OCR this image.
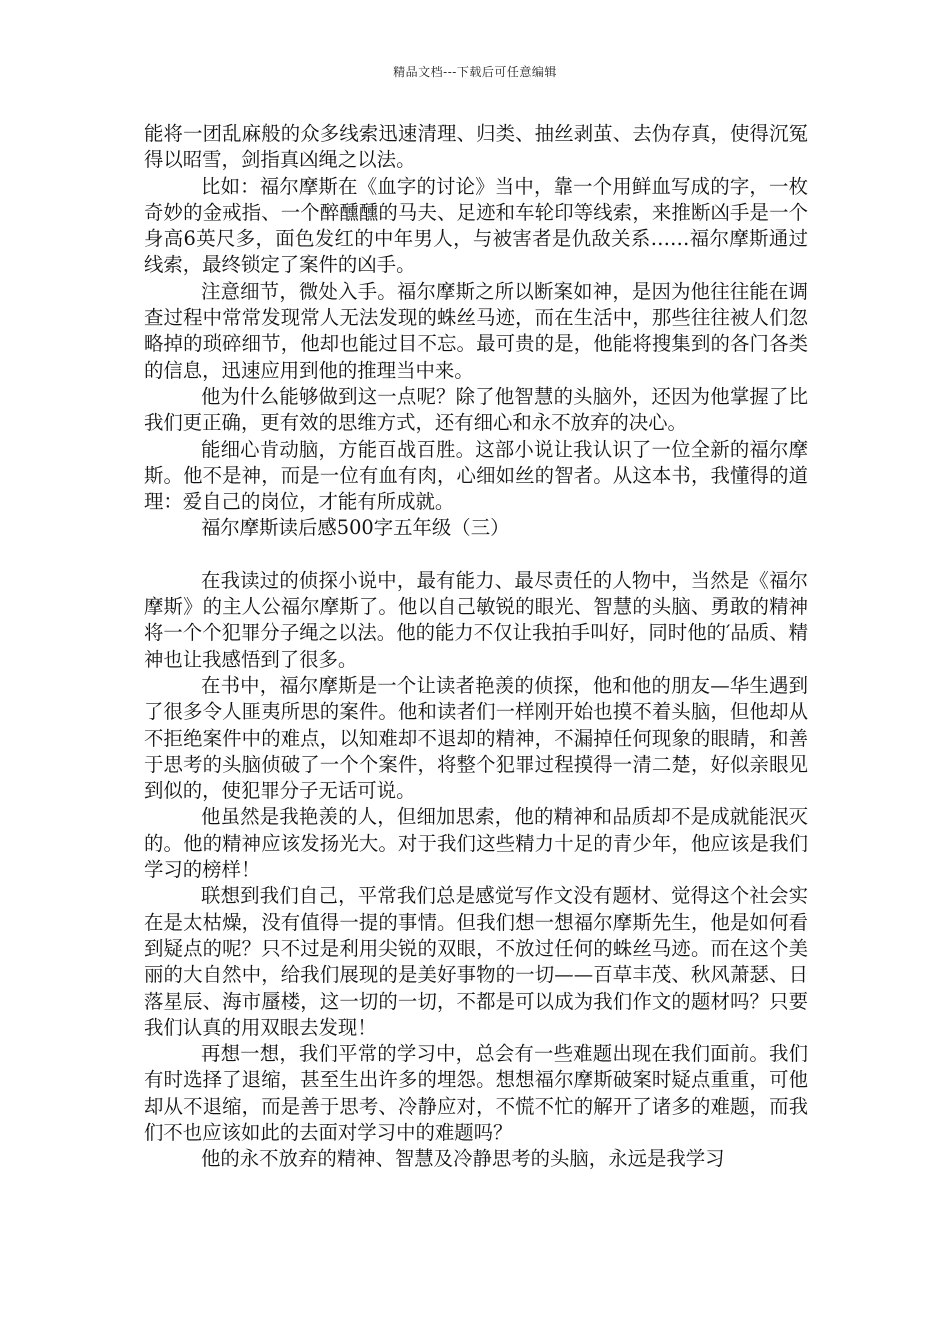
精品文档---下载后可任意编辑

能将一团乱麻般的众多线索迅速清理、归类、抽丝剥茧、去伪存真，使得沉冤得以昭雪，剑指真凶绳之以法。

比如：福尔摩斯在《血字的讨论》当中，靠一个用鲜血写成的字，一枚奇妙的金戒指、一个醉醺醺的马夫、足迹和车轮印等线索，来推断凶手是一个身高6英尺多，面色发红的中年男人，与被害者是仇敌关系……福尔摩斯通过线索，最终锁定了案件的凶手。

注意细节，微处入手。福尔摩斯之所以断案如神，是因为他往往能在调查过程中常常发现常人无法发现的蛛丝马迹，而在生活中，那些往往被人们忽略掉的琐碎细节，他却也能过目不忘。最可贵的是，他能将搜集到的各门各类的信息，迅速应用到他的推理当中来。

他为什么能够做到这一点呢？除了他智慧的头脑外，还因为他掌握了比我们更正确，更有效的思维方式，还有细心和永不放弃的决心。

能细心肯动脑，方能百战百胜。这部小说让我认识了一位全新的福尔摩斯。他不是神，而是一位有血有肉，心细如丝的智者。从这本书，我懂得的道理：爱自己的岗位，才能有所成就。

福尔摩斯读后感500字五年级（三）

在我读过的侦探小说中，最有能力、最尽责任的人物中，当然是《福尔摩斯》的主人公福尔摩斯了。他以自己敏锐的眼光、智慧的头脑、勇敢的精神将一个个犯罪分子绳之以法。他的能力不仅让我拍手叫好，同时他的′品质、精神也让我感悟到了很多。

在书中，福尔摩斯是一个让读者艳羡的侦探，他和他的朋友—华生遇到了很多令人匪夷所思的案件。他和读者们一样刚开始也摸不着头脑，但他却从不拒绝案件中的难点，以知难却不退却的精神，不漏掉任何现象的眼睛，和善于思考的头脑侦破了一个个案件，将整个犯罪过程摸得一清二楚，好似亲眼见到似的，使犯罪分子无话可说。

他虽然是我艳羡的人，但细加思索，他的精神和品质却不是成就能泯灭的。他的精神应该发扬光大。对于我们这些精力十足的青少年，他应该是我们学习的榜样！

联想到我们自己，平常我们总是感觉写作文没有题材、觉得这个社会实在是太枯燥，没有值得一提的事情。但我们想一想福尔摩斯先生，他是如何看到疑点的呢？只不过是利用尖锐的双眼，不放过任何的蛛丝马迹。而在这个美丽的大自然中，给我们展现的是美好事物的一切——百草丰茂、秋风萧瑟、日落星辰、海市蜃楼，这一切的一切，不都是可以成为我们作文的题材吗？只要我们认真的用双眼去发现！

再想一想，我们平常的学习中，总会有一些难题出现在我们面前。我们有时选择了退缩，甚至生出许多的埋怨。想想福尔摩斯破案时疑点重重，可他却从不退缩，而是善于思考、冷静应对，不慌不忙的解开了诸多的难题，而我们不也应该如此的去面对学习中的难题吗？

他的永不放弃的精神、智慧及冷静思考的头脑，永远是我学习
